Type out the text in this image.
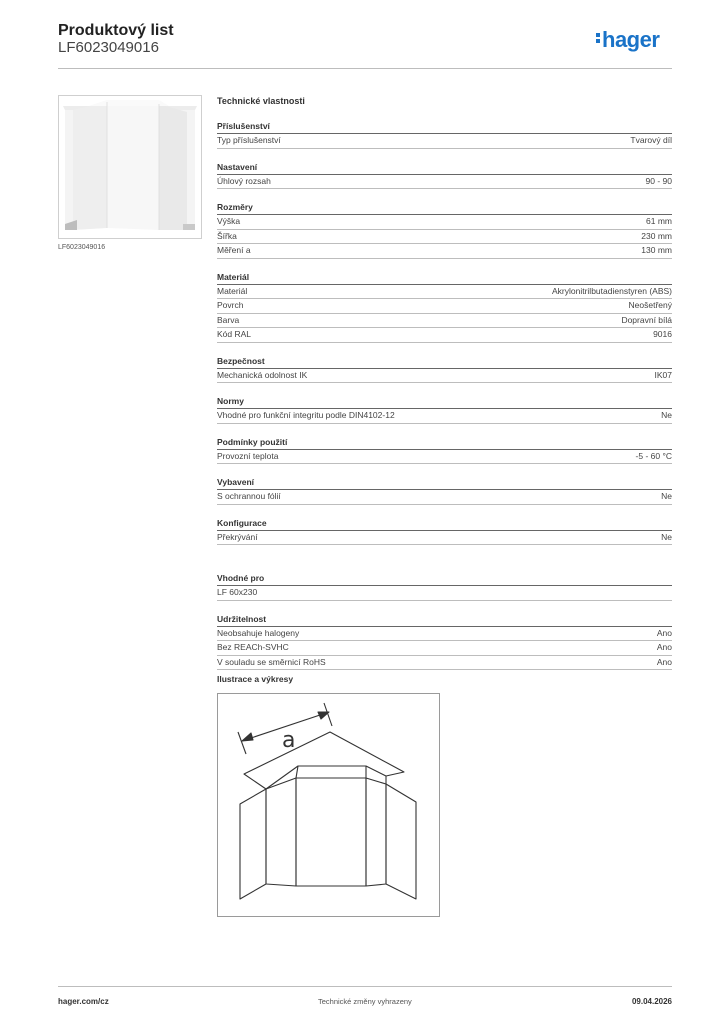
Produktový list
LF6023049016	hager
LF6023049016
Technické vlastnosti
Příslušenství
Typ příslušenství	Tvarový díl
Nastavení
Úhlový rozsah	90 - 90
Rozměry
Výška	61 mm
Šířka	230 mm
Měření a	130 mm
Materiál
Materiál	Akrylonitrilbutadienstyren (ABS)
Povrch	Neošetřený
Barva	Dopravní bílá
Kód RAL	9016
Bezpečnost
Mechanická odolnost IK	IK07
Normy
Vhodné pro funkční integritu podle DIN4102-12	Ne
Podmínky použití
Provozní teplota	-5 - 60 °C
Vybavení
S ochrannou fólií	Ne
Konfigurace
Překrývání	Ne
Vhodné pro
LF 60x230
Udržitelnost
Neobsahuje halogeny	Ano
Bez REACh-SVHC	Ano
V souladu se směrnicí RoHS	Ano
Ilustrace a výkresy
a
hager.com/cz	Technické změny vyhrazeny	09.04.2026
